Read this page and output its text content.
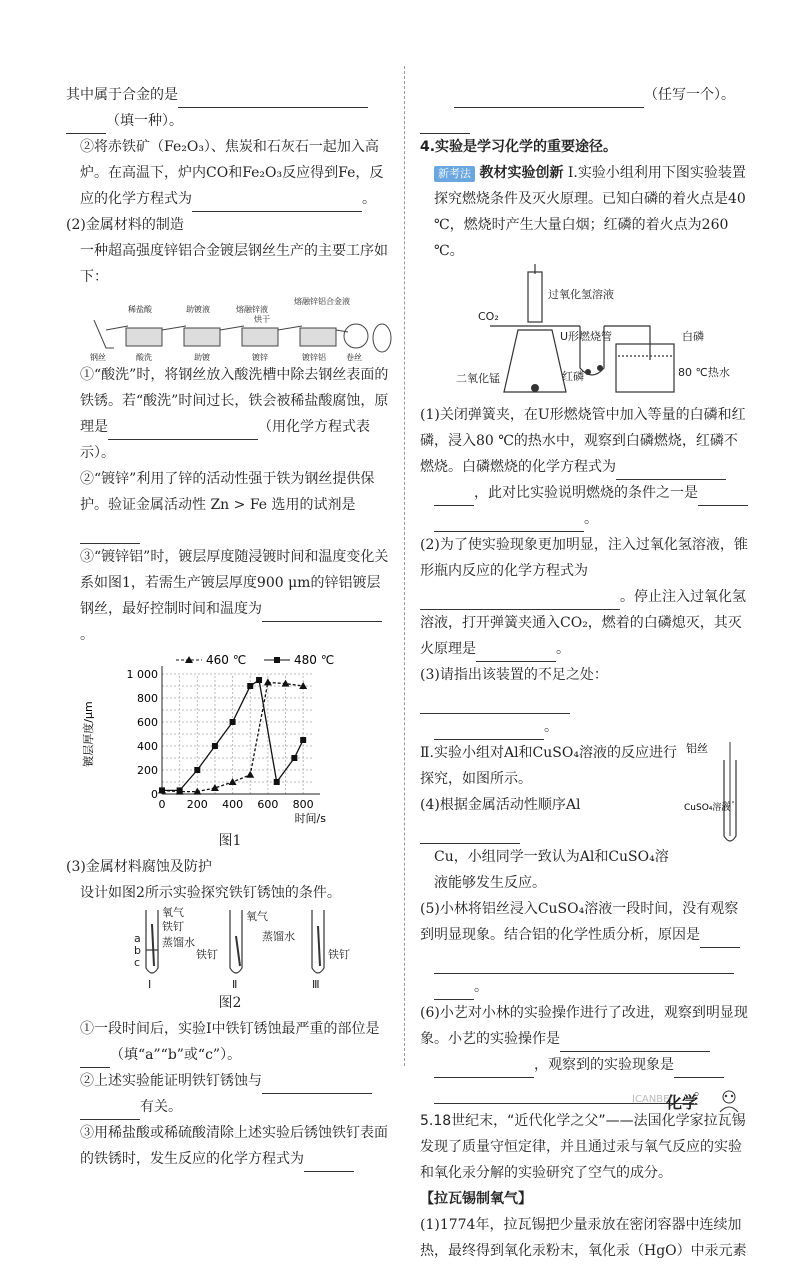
其中属于合金的是

（填一种）。

②将赤铁矿（Fe₂O₃）、焦炭和石灰石一起加入高炉。在高温下，炉内CO和Fe₂O₃反应得到Fe，反应的化学方程式为	。

(2)金属材料的制造

一种超高强度锌铝合金镀层钢丝生产的主要工序如下：

稀盐酸	助镀液	熔融锌液
熔融锌铝合金液
烘干
钢丝	酸洗	助镀	镀锌	镀锌铝	卷丝

①“酸洗”时，将钢丝放入酸洗槽中除去钢丝表面的铁锈。若“酸洗”时间过长，铁会被稀盐酸腐蚀，原理是	（用化学方程式表示）。

②“镀锌”利用了锌的活动性强于铁为钢丝提供保护。验证金属活动性 Zn > Fe 选用的试剂是

③“镀锌铝”时，镀层厚度随浸镀时间和温度变化关系如图1，若需生产镀层厚度900 μm的锌铝镀层钢丝，最好控制时间和温度为。

0 200 400 600 800
0
200
400
600
800
1 000
时间/s
镀层厚度/μm
460 ℃	480 ℃

图1

(3)金属材料腐蚀及防护

设计如图2所示实验探究铁钉锈蚀的条件。

氧气
铁钉
蒸馏水
a
b
c
氧气
铁钉
蒸馏水
铁钉
Ⅰ	Ⅱ	Ⅲ

图2

①一段时间后，实验Ⅰ中铁钉锈蚀最严重的部位是（填“a”“b”或“c”）。

②上述实验能证明铁钉锈蚀与

有关。

③用稀盐酸或稀硫酸清除上述实验后锈蚀铁钉表面的铁锈时，发生反应的化学方程式为

（任写一个）。

4.实验是学习化学的重要途径。

新考法 教材实验创新 Ⅰ.实验小组利用下图实验装置探究燃烧条件及灭火原理。已知白磷的着火点是40 ℃，燃烧时产生大量白烟；红磷的着火点为260 ℃。

过氧化氢溶液
CO₂
U形燃烧管	白磷
红磷	80 ℃热水
二氧化锰

(1)关闭弹簧夹，在U形燃烧管中加入等量的白磷和红磷，浸入80 ℃的热水中，观察到白磷燃烧，红磷不燃烧。白磷燃烧的化学方程式为

，此对比实验说明燃烧的条件之一是

。

(2)为了使实验现象更加明显，注入过氧化氢溶液，锥形瓶内反应的化学方程式为。停止注入过氧化氢溶液，打开弹簧夹通入CO₂，燃着的白磷熄灭，其灭火原理是	。

(3)请指出该装置的不足之处：

。

Ⅱ.实验小组对Al和CuSO₄溶液的反应进行探究，如图所示。

铝丝
CuSO₄溶液

(4)根据金属活动性顺序Al

Cu，小组同学一致认为Al和CuSO₄溶液能够发生反应。

(5)小林将铝丝浸入CuSO₄溶液一段时间，没有观察到明显现象。结合铝的化学性质分析，原因是

。

(6)小艺对小林的实验操作进行了改进，观察到明显现象。小艺的实验操作是

，观察到的实验现象是

。

5.18世纪末，“近代化学之父”——法国化学家拉瓦锡发现了质量守恒定律，并且通过汞与氧气反应的实验和氧化汞分解的实验研究了空气的成分。

【拉瓦锡制氧气】

(1)1774年，拉瓦锡把少量汞放在密闭容器中连续加热，最终得到氧化汞粉末，氧化汞（HgO）中汞元素

ICANBE
化学
